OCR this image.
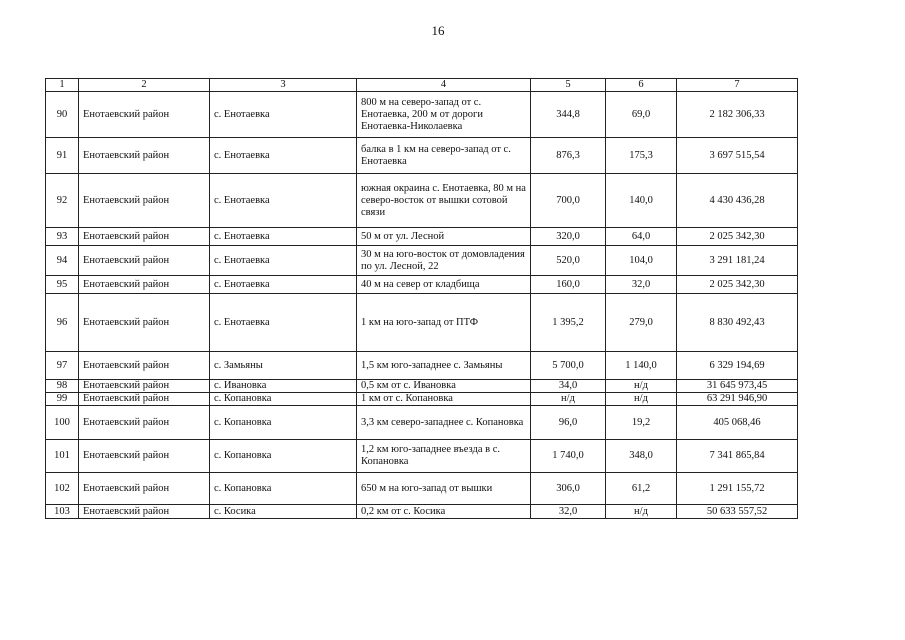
16
1	2	3	4	5	6	7
90	Енотаевский район	с. Енотаевка	800 м на северо-запад от с. Енотаевка, 200 м от дороги Енотаевка-Николаевка	344,8	69,0	2 182 306,33
91	Енотаевский район	с. Енотаевка	балка в 1 км на северо-запад от с. Енотаевка	876,3	175,3	3 697 515,54
92	Енотаевский район	с. Енотаевка	южная окраина с. Енотаевка, 80 м на северо-восток от вышки сотовой связи	700,0	140,0	4 430 436,28
93	Енотаевский район	с. Енотаевка	50 м от ул. Лесной	320,0	64,0	2 025 342,30
94	Енотаевский район	с. Енотаевка	30 м на юго-восток от домовладения по ул. Лесной, 22	520,0	104,0	3 291 181,24
95	Енотаевский район	с. Енотаевка	40 м на север от кладбища	160,0	32,0	2 025 342,30
96	Енотаевский район	с. Енотаевка	1 км на юго-запад от ПТФ	1 395,2	279,0	8 830 492,43
97	Енотаевский район	с. Замьяны	1,5 км юго-западнее с. Замьяны	5 700,0	1 140,0	6 329 194,69
98	Енотаевский район	с. Ивановка	0,5 км от с. Ивановка	34,0	н/д	31 645 973,45
99	Енотаевский район	с. Копановка	1 км от с. Копановка	н/д	н/д	63 291 946,90
100	Енотаевский район	с. Копановка	3,3 км северо-западнее с. Копановка	96,0	19,2	405 068,46
101	Енотаевский район	с. Копановка	1,2 км юго-западнее въезда в с. Копановка	1 740,0	348,0	7 341 865,84
102	Енотаевский район	с. Копановка	650 м на юго-запад от вышки	306,0	61,2	1 291 155,72
103	Енотаевский район	с. Косика	0,2 км от с. Косика	32,0	н/д	50 633 557,52
